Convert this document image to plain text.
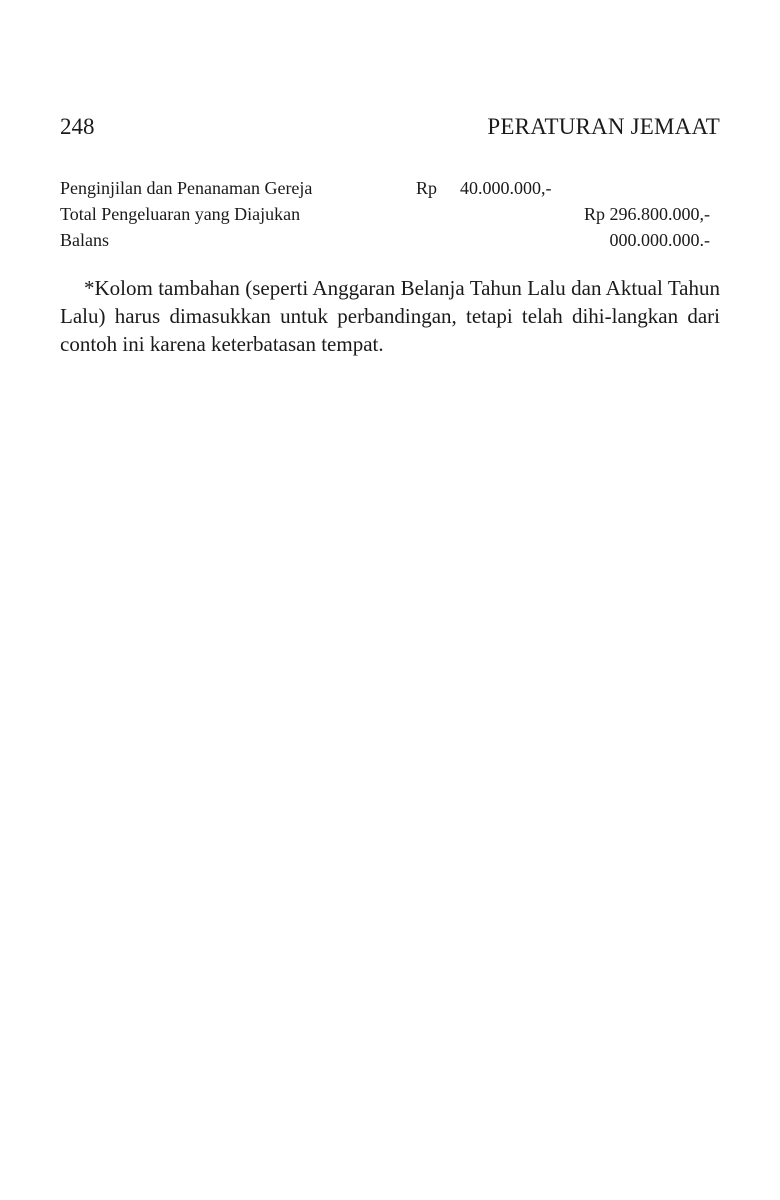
248	PERATURAN JEMAAT
Penginjilan dan Penanaman Gereja	Rp 40.000.000,-
Total Pengeluaran yang Diajukan	Rp 296.800.000,-
Balans	000.000.000.-

*Kolom tambahan (seperti Anggaran Belanja Tahun Lalu dan Aktual Tahun Lalu) harus dimasukkan untuk perbandingan, tetapi telah dihi-langkan dari contoh ini karena keterbatasan tempat.
